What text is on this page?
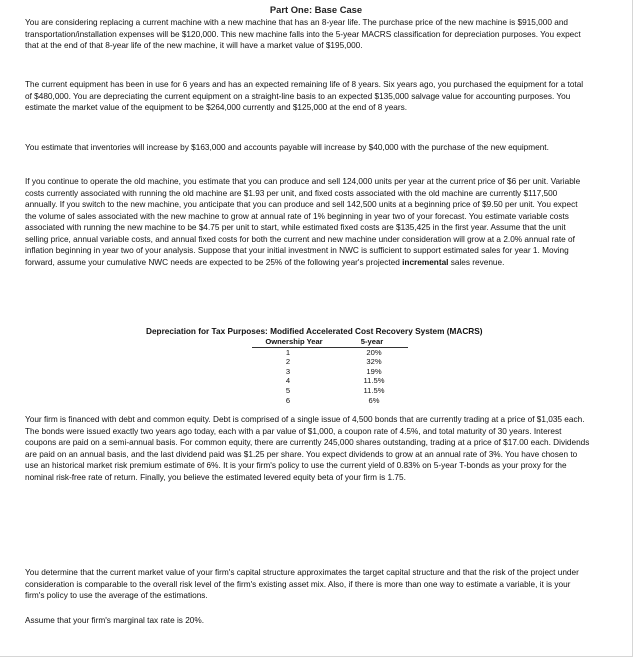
Part One: Base Case

You are considering replacing a current machine with a new machine that has an 8-year life. The purchase price of the new machine is $915,000 and transportation/installation expenses will be $120,000. This new machine falls into the 5-year MACRS classification for depreciation purposes. You expect that at the end of that 8-year life of the new machine, it will have a market value of $195,000.

The current equipment has been in use for 6 years and has an expected remaining life of 8 years. Six years ago, you purchased the equipment for a total of $480,000. You are depreciating the current equipment on a straight-line basis to an expected $135,000 salvage value for accounting purposes. You estimate the market value of the equipment to be $264,000 currently and $125,000 at the end of 8 years.

You estimate that inventories will increase by $163,000 and accounts payable will increase by $40,000 with the purchase of the new equipment.

If you continue to operate the old machine, you estimate that you can produce and sell 124,000 units per year at the current price of $6 per unit. Variable costs currently associated with running the old machine are $1.93 per unit, and fixed costs associated with the old machine are currently $117,500 annually. If you switch to the new machine, you anticipate that you can produce and sell 142,500 units at a beginning price of $9.50 per unit. You expect the volume of sales associated with the new machine to grow at annual rate of 1% beginning in year two of your forecast. You estimate variable costs associated with running the new machine to be $4.75 per unit to start, while estimated fixed costs are $135,425 in the first year. Assume that the unit selling price, annual variable costs, and annual fixed costs for both the current and new machine under consideration will grow at a 2.0% annual rate of inflation beginning in year two of your analysis. Suppose that your initial investment in NWC is sufficient to support estimated sales for year 1. Moving forward, assume your cumulative NWC needs are expected to be 25% of the following year's projected incremental sales revenue.

Depreciation for Tax Purposes: Modified Accelerated Cost Recovery System (MACRS)
Ownership Year	5-year
1	20%
2	32%
3	19%
4	11.5%
5	11.5%
6	6%

Your firm is financed with debt and common equity. Debt is comprised of a single issue of 4,500 bonds that are currently trading at a price of $1,035 each. The bonds were issued exactly two years ago today, each with a par value of $1,000, a coupon rate of 4.5%, and total maturity of 30 years. Interest coupons are paid on a semi-annual basis. For common equity, there are currently 245,000 shares outstanding, trading at a price of $17.00 each. Dividends are paid on an annual basis, and the last dividend paid was $1.25 per share. You expect dividends to grow at an annual rate of 3%. You have chosen to use an historical market risk premium estimate of 6%. It is your firm's policy to use the current yield of 0.83% on 5-year T-bonds as your proxy for the nominal risk-free rate of return. Finally, you believe the estimated levered equity beta of your firm is 1.75.

You determine that the current market value of your firm's capital structure approximates the target capital structure and that the risk of the project under consideration is comparable to the overall risk level of the firm's existing asset mix. Also, if there is more than one way to estimate a variable, it is your firm's policy to use the average of the estimations.

Assume that your firm's marginal tax rate is 20%.
